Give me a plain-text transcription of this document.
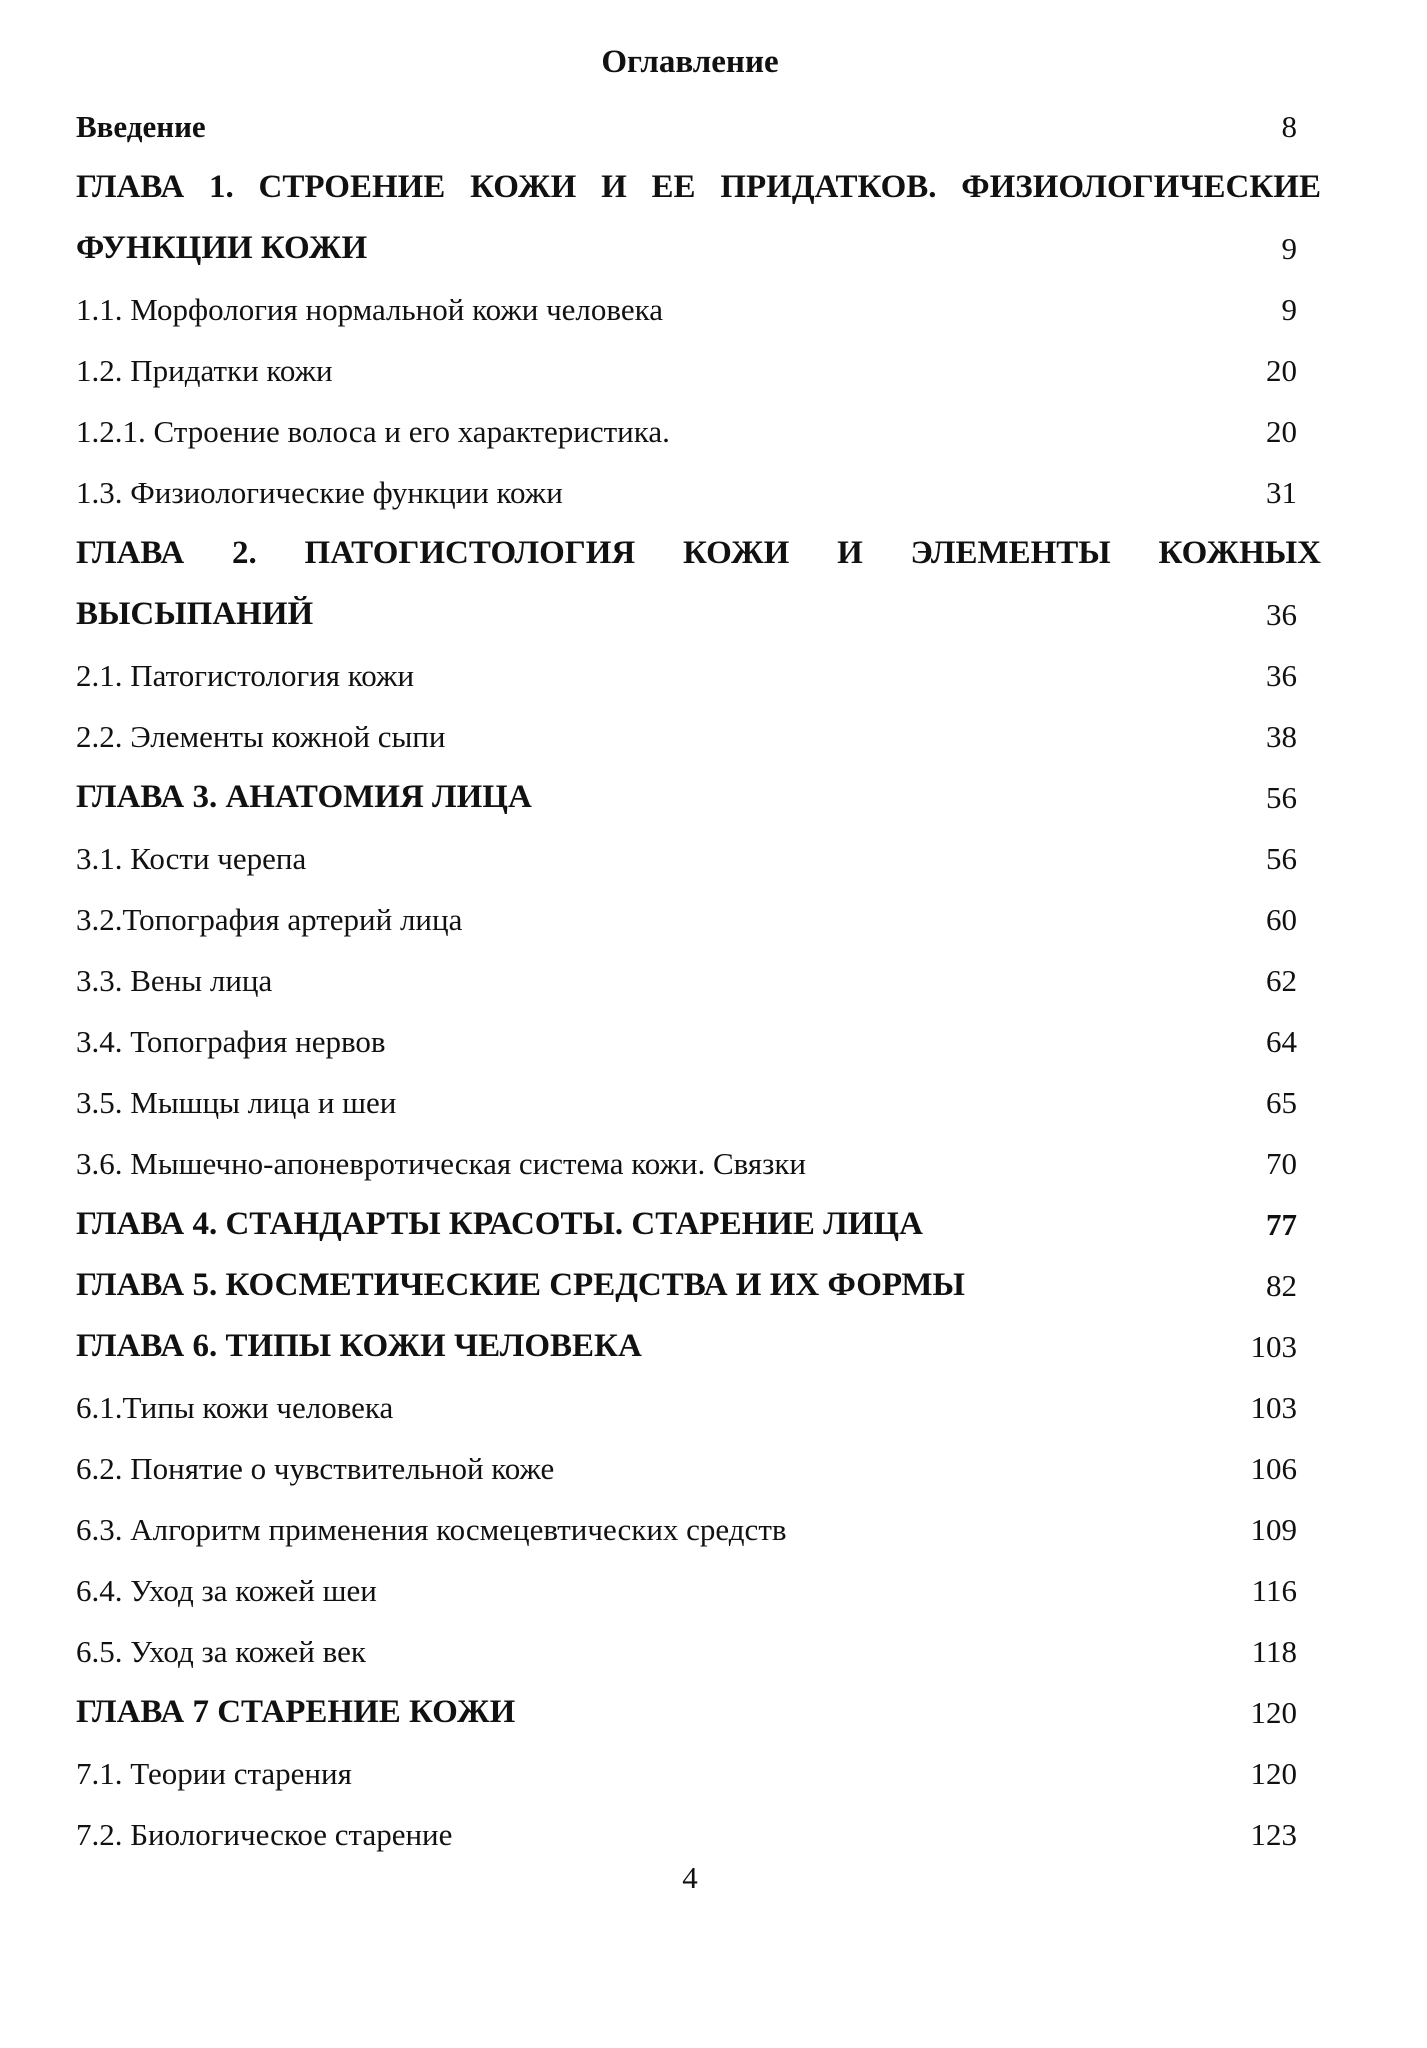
Оглавление
Введение	8
ГЛАВА 1. СТРОЕНИЕ КОЖИ И ЕЕ ПРИДАТКОВ. ФИЗИОЛОГИЧЕСКИЕ
ФУНКЦИИ КОЖИ	9
1.1. Морфология нормальной кожи человека	9
1.2. Придатки кожи	20
1.2.1. Строение волоса и его характеристика.	20
1.3. Физиологические функции кожи	31
ГЛАВА 2. ПАТОГИСТОЛОГИЯ КОЖИ И ЭЛЕМЕНТЫ КОЖНЫХ
ВЫСЫПАНИЙ	36
2.1. Патогистология кожи	36
2.2. Элементы кожной сыпи	38
ГЛАВА 3. АНАТОМИЯ ЛИЦА	56
3.1. Кости черепа	56
3.2.Топография артерий лица	60
3.3. Вены лица	62
3.4. Топография нервов	64
3.5. Мышцы лица и шеи	65
3.6. Мышечно-апоневротическая система кожи. Связки	70
ГЛАВА 4. СТАНДАРТЫ КРАСОТЫ. СТАРЕНИЕ ЛИЦА	77
ГЛАВА 5. КОСМЕТИЧЕСКИЕ СРЕДСТВА И ИХ ФОРМЫ	82
ГЛАВА 6. ТИПЫ КОЖИ ЧЕЛОВЕКА	103
6.1.Типы кожи человека	103
6.2. Понятие о чувствительной коже	106
6.3. Алгоритм применения космецевтических средств	109
6.4. Уход за кожей шеи	116
6.5. Уход за кожей век	118
ГЛАВА 7 СТАРЕНИЕ КОЖИ	120
7.1. Теории старения	120
7.2. Биологическое старение	123
4
